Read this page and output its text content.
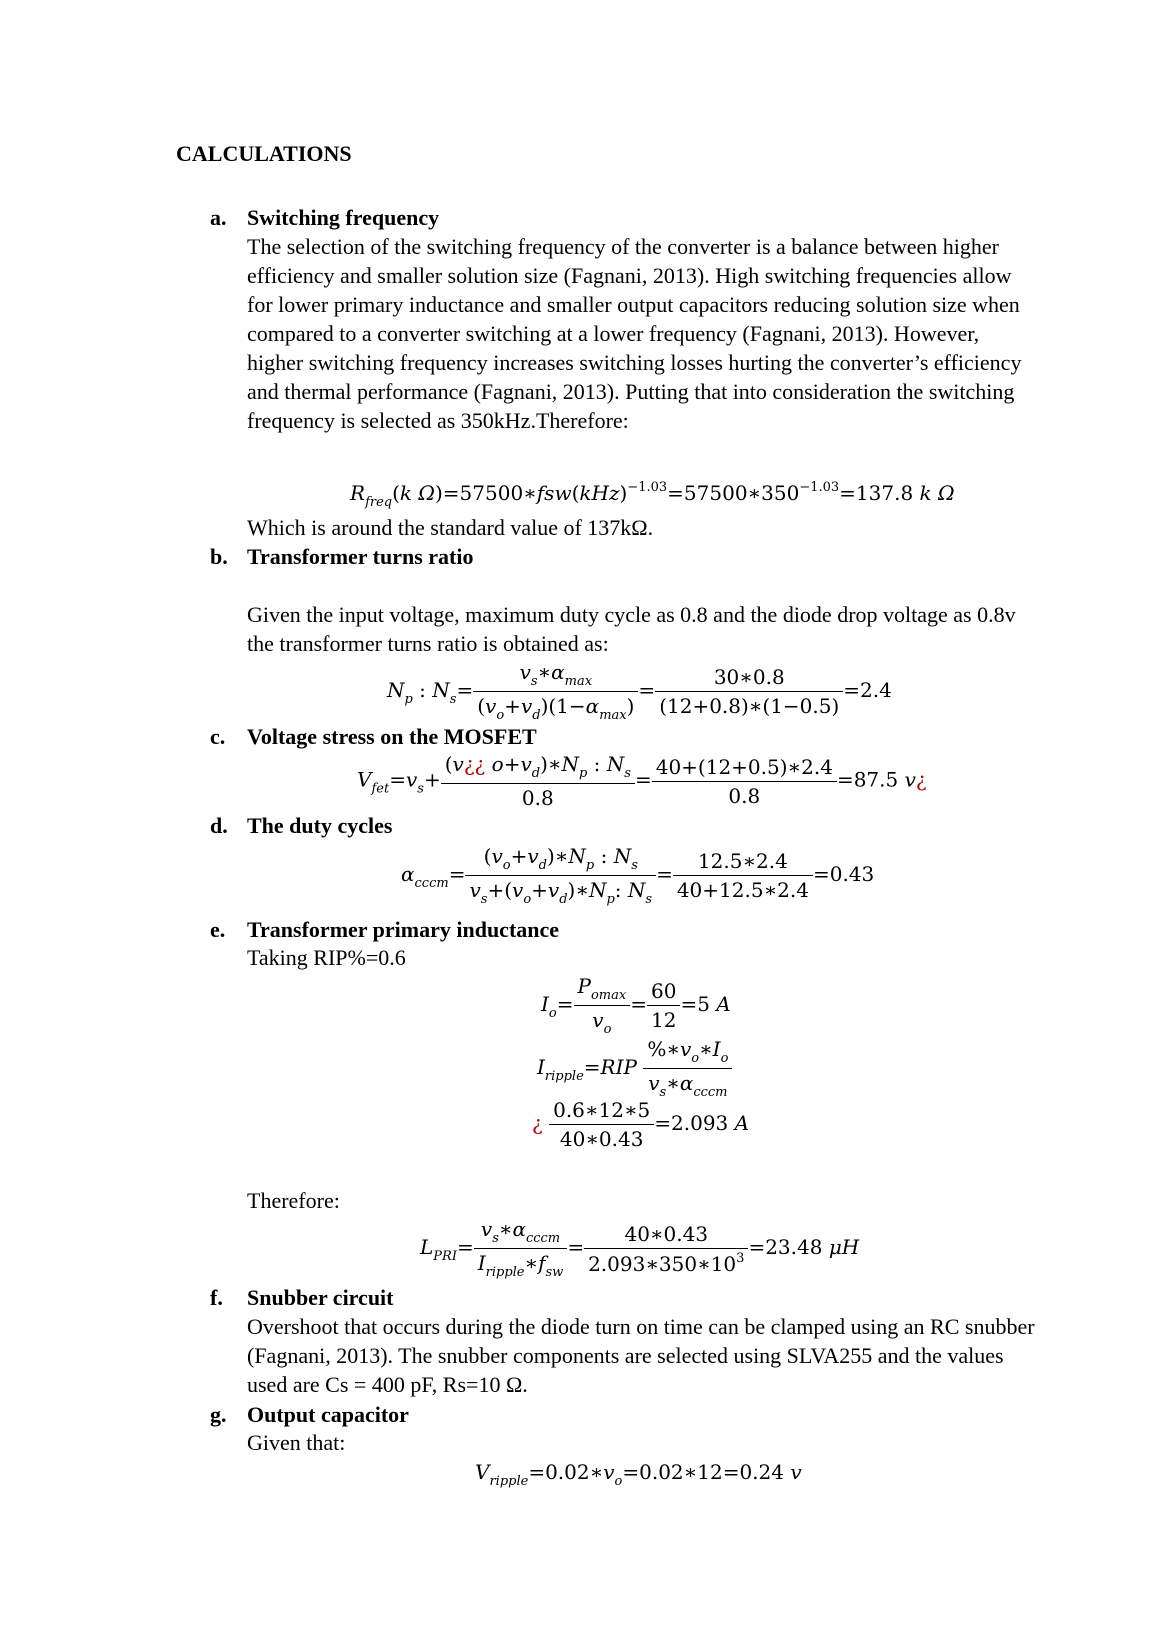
CALCULATIONS
a. Switching frequency
The selection of the switching frequency of the converter is a balance between higher efficiency and smaller solution size (Fagnani, 2013). High switching frequencies allow for lower primary inductance and smaller output capacitors reducing solution size when compared to a converter switching at a lower frequency (Fagnani, 2013). However, higher switching frequency increases switching losses hurting the converter’s efficiency and thermal performance (Fagnani, 2013). Putting that into consideration the switching frequency is selected as 350kHz.Therefore:
$R_{freq}(k$ $\Omega)=57500∗fsw(kHz)^{-1.03}=57500∗350^{-1.03}=137.8$ k Ω
Which is around the standard value of 137kΩ.
b. Transformer turns ratio
Given the input voltage, maximum duty cycle as 0.8 and the diode drop voltage as 0.8v the transformer turns ratio is obtained as:
$N_p$ : $N_s= \frac{v_s∗\alpha_{max}}{(v_o+v_d)(1-\alpha_{max})} = \frac{30∗0.8}{(12+0.8)∗(1-0.5)} =2.4$
c. Voltage stress on the MOSFET
$V_{fet}=v_s+ \frac{(v¿¿ o+v_d)∗N_p : N_s}{0.8} = \frac{40+(12+0.5)∗2.4}{0.8} =87.5$ v¿
d. The duty cycles
$\alpha_{cccm}= \frac{(v_o+v_d)∗N_p : N_s}{v_s+(v_o+v_d)∗N_p: N_s} = \frac{12.5∗2.4}{40+12.5∗2.4} =0.43$
e. Transformer primary inductance
Taking RIP%=0.6
$I_o= \frac{P_{omax}}{v_o} = \frac{60}{12} =5$ A
$I_{ripple}=RIP \frac{\%∗v_o∗I_o}{v_s∗\alpha_{cccm}}$
¿ $\frac{0.6∗12∗5}{40∗0.43} =2.093$ A
Therefore:
$L_{PRI}= \frac{v_s∗\alpha_{cccm}}{I_{ripple}∗f_{sw}} = \frac{40∗0.43}{2.093∗350∗10^3} =23.48$ μH
f. Snubber circuit
Overshoot that occurs during the diode turn on time can be clamped using an RC snubber (Fagnani, 2013). The snubber components are selected using SLVA255 and the values used are Cs = 400 pF, Rs=10 Ω.
g. Output capacitor
Given that:
$V_{ripple}=0.02∗v_o=0.02∗12=0.24$ v
